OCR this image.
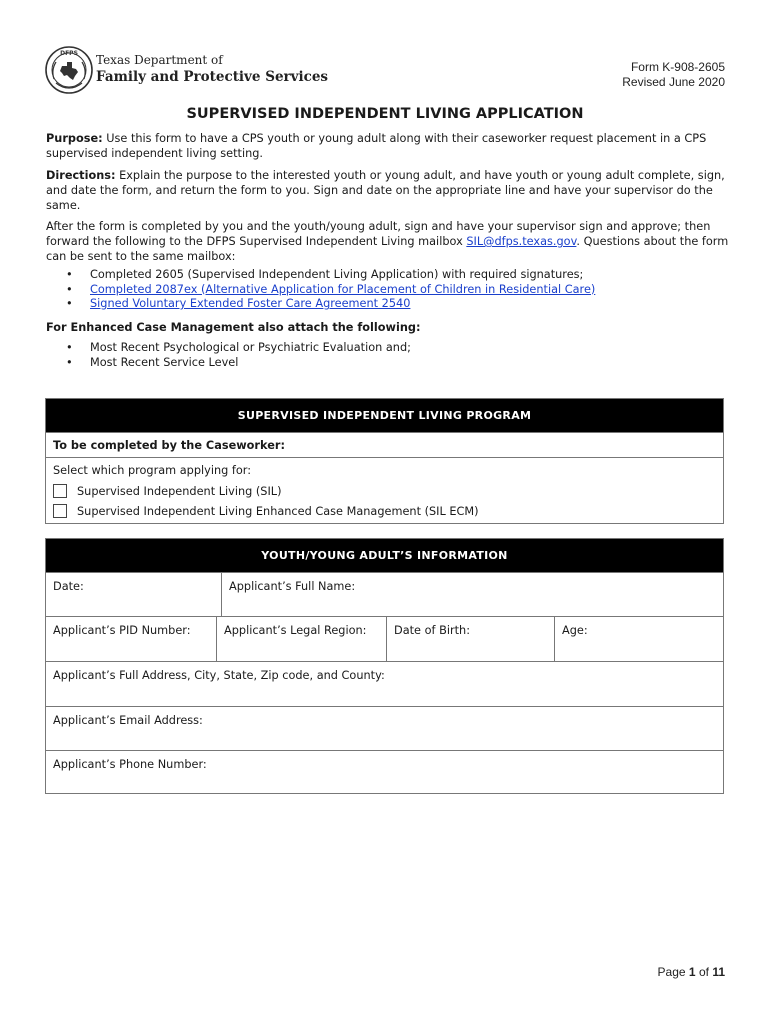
DFPS Texas Department of
Family and Protective Services
Form K-908-2605
Revised June 2020
SUPERVISED INDEPENDENT LIVING APPLICATION
Purpose: Use this form to have a CPS youth or young adult along with their caseworker request placement in a CPS supervised independent living setting.
Directions: Explain the purpose to the interested youth or young adult, and have youth or young adult complete, sign, and date the form, and return the form to you. Sign and date on the appropriate line and have your supervisor do the same.
After the form is completed by you and the youth/young adult, sign and have your supervisor sign and approve; then forward the following to the DFPS Supervised Independent Living mailbox SIL@dfps.texas.gov. Questions about the form can be sent to the same mailbox:
• Completed 2605 (Supervised Independent Living Application) with required signatures;
• Completed 2087ex (Alternative Application for Placement of Children in Residential Care)
• Signed Voluntary Extended Foster Care Agreement 2540
For Enhanced Case Management also attach the following:
• Most Recent Psychological or Psychiatric Evaluation and;
• Most Recent Service Level
SUPERVISED INDEPENDENT LIVING PROGRAM
To be completed by the Caseworker:
Select which program applying for:
Supervised Independent Living (SIL)
Supervised Independent Living Enhanced Case Management (SIL ECM)
YOUTH/YOUNG ADULT’S INFORMATION
Date:	Applicant’s Full Name:
Applicant’s PID Number:	Applicant’s Legal Region:	Date of Birth:	Age:
Applicant’s Full Address, City, State, Zip code, and County:
Applicant’s Email Address:
Applicant’s Phone Number:
Page 1 of 11
